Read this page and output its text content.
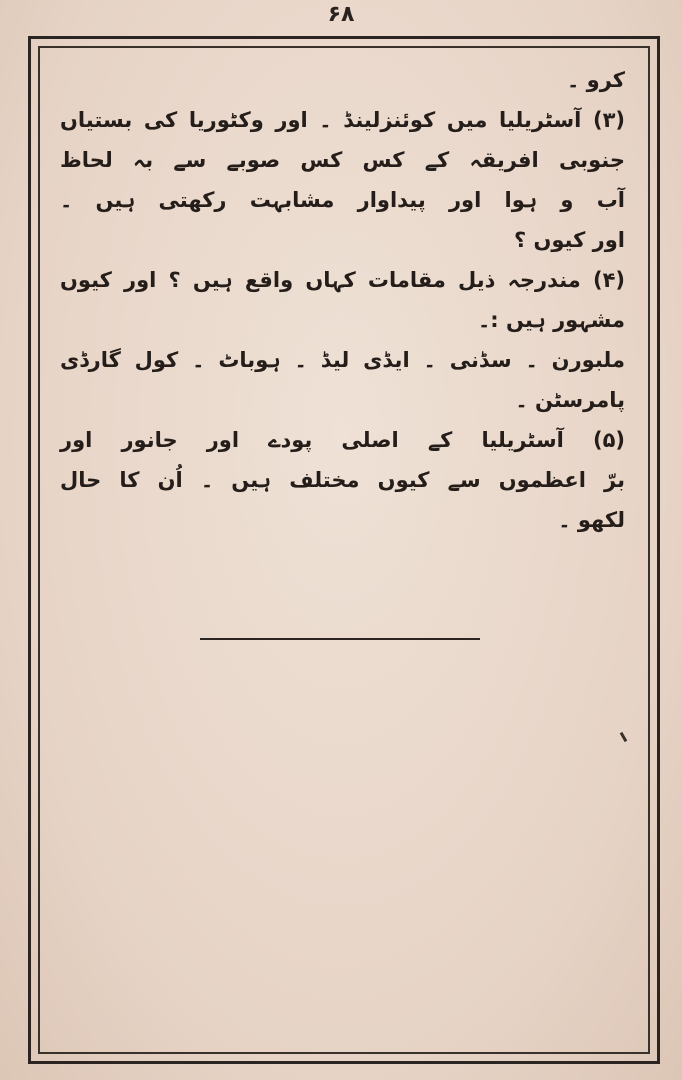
۶۸
کرو ۔
(۳) آسٹریلیا میں کوئنزلینڈ ۔ اور وکٹوریا کی بستیاں
جنوبی افریقہ کے کس کس صوبے سے بہ لحاظ
آب و ہوا اور پیداوار مشابہت رکھتی ہیں ۔
اور کیوں ؟
(۴) مندرجہ ذیل مقامات کہاں واقع ہیں ؟ اور کیوں
مشہور ہیں :۔
ملبورن ۔ سڈنی ۔ ایڈی لیڈ ۔ ہوباٹ ۔ کول گارڈی
پامرسٹن ۔
(۵) آسٹریلیا کے اصلی پودے اور جانور اور
برّ اعظموں سے کیوں مختلف ہیں ۔ اُن کا حال
لکھو ۔
